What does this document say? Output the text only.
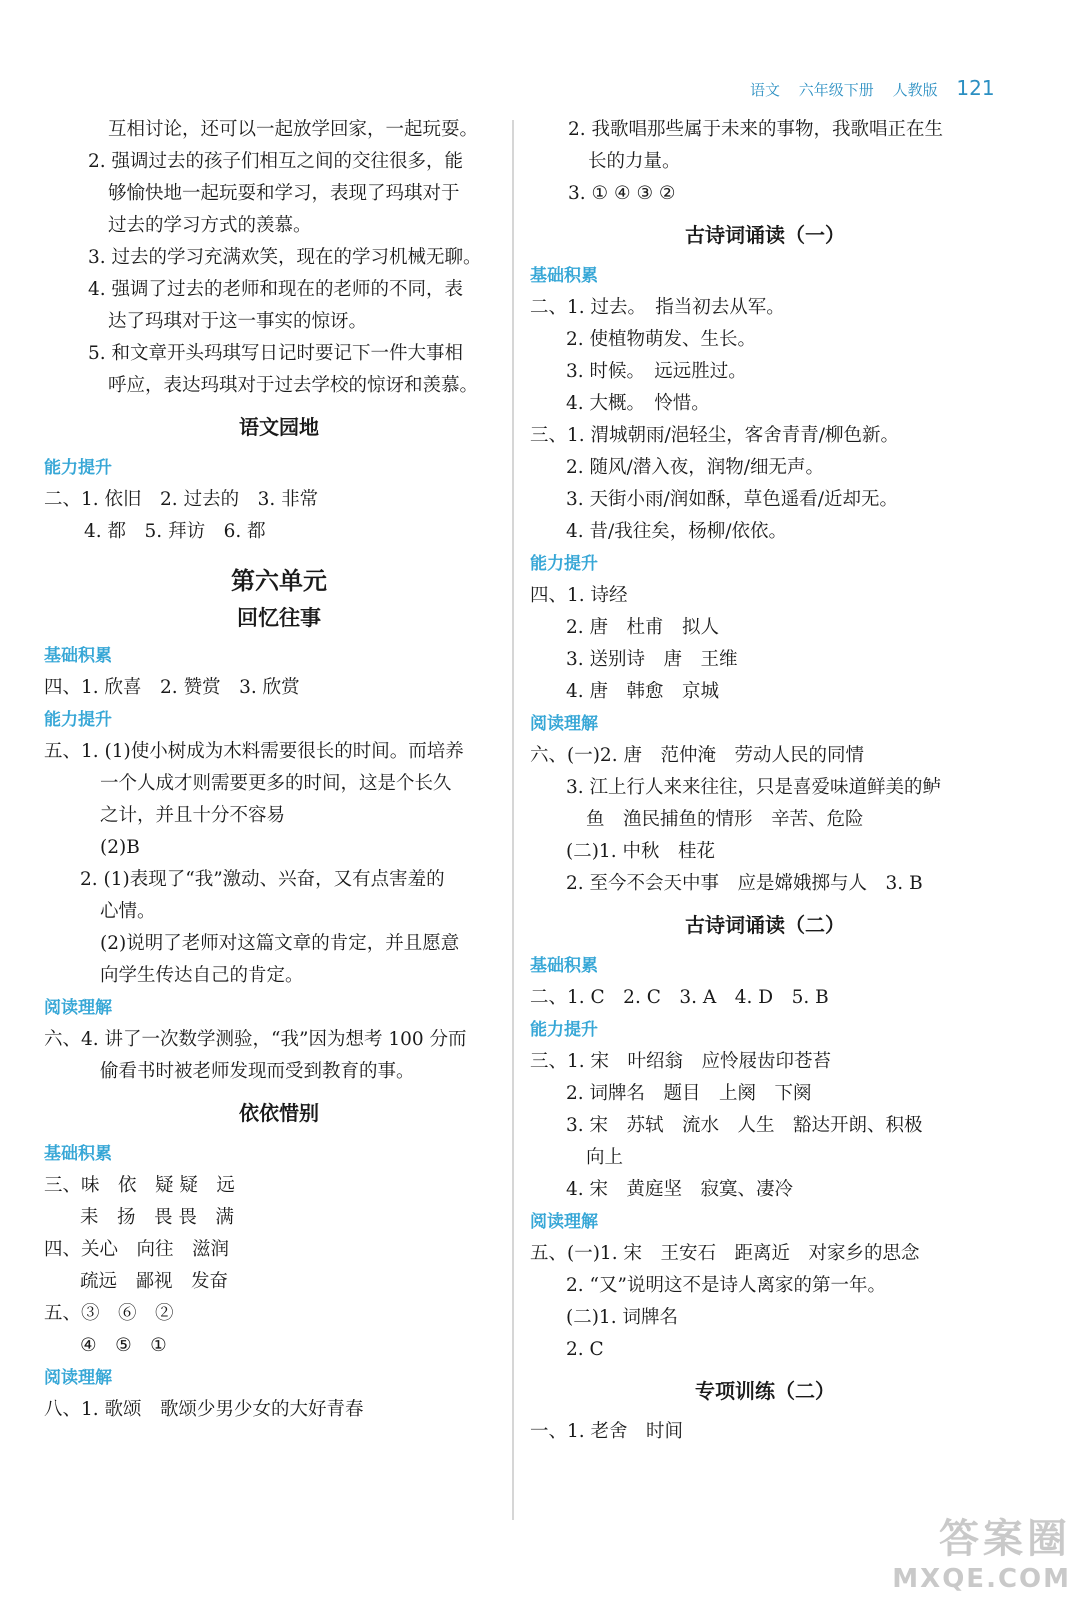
语文 六年级下册 人教版 121
互相讨论，还可以一起放学回家，一起玩耍。
2. 强调过去的孩子们相互之间的交往很多，能
够愉快地一起玩耍和学习，表现了玛琪对于
过去的学习方式的羡慕。
3. 过去的学习充满欢笑，现在的学习机械无聊。
4. 强调了过去的老师和现在的老师的不同，表
达了玛琪对于这一事实的惊讶。
5. 和文章开头玛琪写日记时要记下一件大事相
呼应，表达玛琪对于过去学校的惊讶和羡慕。
语文园地
能力提升
二、1. 依旧　2. 过去的　3. 非常
4. 都　5. 拜访　6. 都
第六单元
回忆往事
基础积累
四、1. 欣喜　2. 赞赏　3. 欣赏
能力提升
五、1. (1)使小树成为木料需要很长的时间。而培养
一个人成才则需要更多的时间，这是个长久
之计，并且十分不容易
(2)B
2. (1)表现了“我”激动、兴奋，又有点害羞的
心情。
(2)说明了老师对这篇文章的肯定，并且愿意
向学生传达自己的肯定。
阅读理解
六、4. 讲了一次数学测验，“我”因为想考 100 分而
偷看书时被老师发现而受到教育的事。
依依惜别
基础积累
三、味　依　疑 疑　远
耒　扬　畏 畏　满
四、关心　向往　滋润
疏远　鄙视　发奋
五、③　⑥　②
④　⑤　①
阅读理解
八、1. 歌颂　歌颂少男少女的大好青春
2. 我歌唱那些属于未来的事物，我歌唱正在生
长的力量。
3. ① ④ ③ ②
古诗词诵读（一）
基础积累
二、1. 过去。　指当初去从军。
2. 使植物萌发、生长。
3. 时候。　远远胜过。
4. 大概。　怜惜。
三、1. 渭城朝雨/浥轻尘，客舍青青/柳色新。
2. 随风/潜入夜，润物/细无声。
3. 天街小雨/润如酥，草色遥看/近却无。
4. 昔/我往矣，杨柳/依依。
能力提升
四、1. 诗经
2. 唐　杜甫　拟人
3. 送别诗　唐　王维
4. 唐　韩愈　京城
阅读理解
六、(一)2. 唐　范仲淹　劳动人民的同情
3. 江上行人来来往往，只是喜爱味道鲜美的鲈
鱼　渔民捕鱼的情形　辛苦、危险
(二)1. 中秋　桂花
2. 至今不会天中事　应是嫦娥掷与人　3. B
古诗词诵读（二）
基础积累
二、1. C　2. C　3. A　4. D　5. B
能力提升
三、1. 宋　叶绍翁　应怜屐齿印苍苔
2. 词牌名　题目　上阕　下阕
3. 宋　苏轼　流水　人生　豁达开朗、积极
向上
4. 宋　黄庭坚　寂寞、凄冷
阅读理解
五、(一)1. 宋　王安石　距离近　对家乡的思念
2. “又”说明这不是诗人离家的第一年。
(二)1. 词牌名
2. C
专项训练（二）
一、1. 老舍　时间
答案圈
MXQE.COM
